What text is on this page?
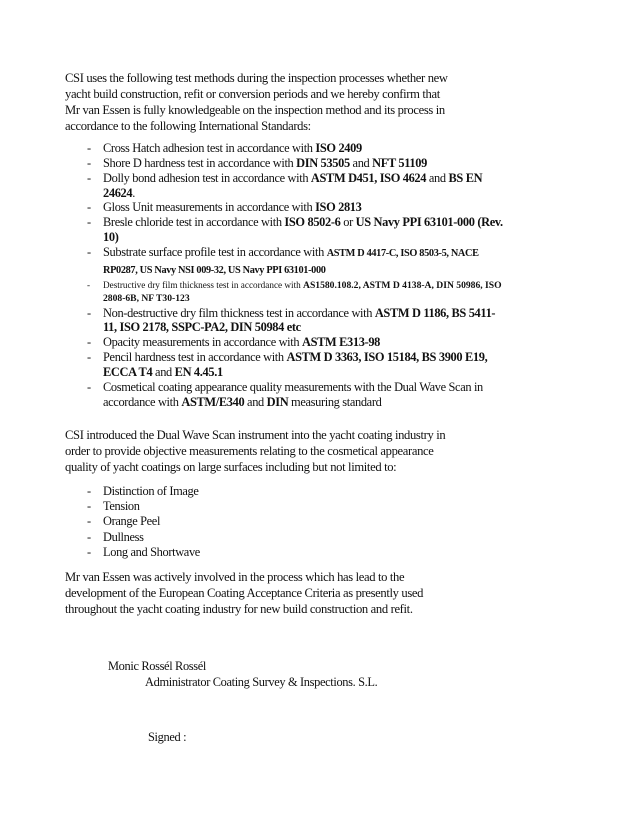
CSI uses the following test methods during the inspection processes whether new

yacht build construction, refit or conversion periods and we hereby confirm that

Mr van Essen is fully knowledgeable on the inspection method and its process in

accordance to the following International Standards:

- Cross Hatch adhesion test in accordance with ISO 2409
- Shore D hardness test in accordance with DIN 53505 and NFT 51109
- Dolly bond adhesion test in accordance with ASTM D451, ISO 4624 and BS EN 24624.
- Gloss Unit measurements in accordance with ISO 2813
- Bresle chloride test in accordance with ISO 8502-6 or US Navy PPI 63101-000 (Rev. 10)
- Substrate surface profile test in accordance with ASTM D 4417-C, ISO 8503-5, NACE RP0287, US Navy NSI 009-32, US Navy PPI 63101-000
- Destructive dry film thickness test in accordance with AS1580.108.2, ASTM D 4138-A, DIN 50986, ISO 2808-6B, NF T30-123
- Non-destructive dry film thickness test in accordance with ASTM D 1186, BS 5411-11, ISO 2178, SSPC-PA2, DIN 50984 etc
- Opacity measurements in accordance with ASTM E313-98
- Pencil hardness test in accordance with ASTM D 3363, ISO 15184, BS 3900 E19, ECCA T4 and EN 4.45.1
- Cosmetical coating appearance quality measurements with the Dual Wave Scan in accordance with ASTM/E340 and DIN measuring standard

CSI introduced the Dual Wave Scan instrument into the yacht coating industry in

order to provide objective measurements relating to the cosmetical appearance

quality of yacht coatings on large surfaces including but not limited to:

- Distinction of Image
- Tension
- Orange Peel
- Dullness
- Long and Shortwave

Mr van Essen was actively involved in the process which has lead to the

development of the European Coating Acceptance Criteria as presently used

throughout the yacht coating industry for new build construction and refit.

Monic Rossél Rossél
Administrator Coating Survey & Inspections. S.L.
Signed :
